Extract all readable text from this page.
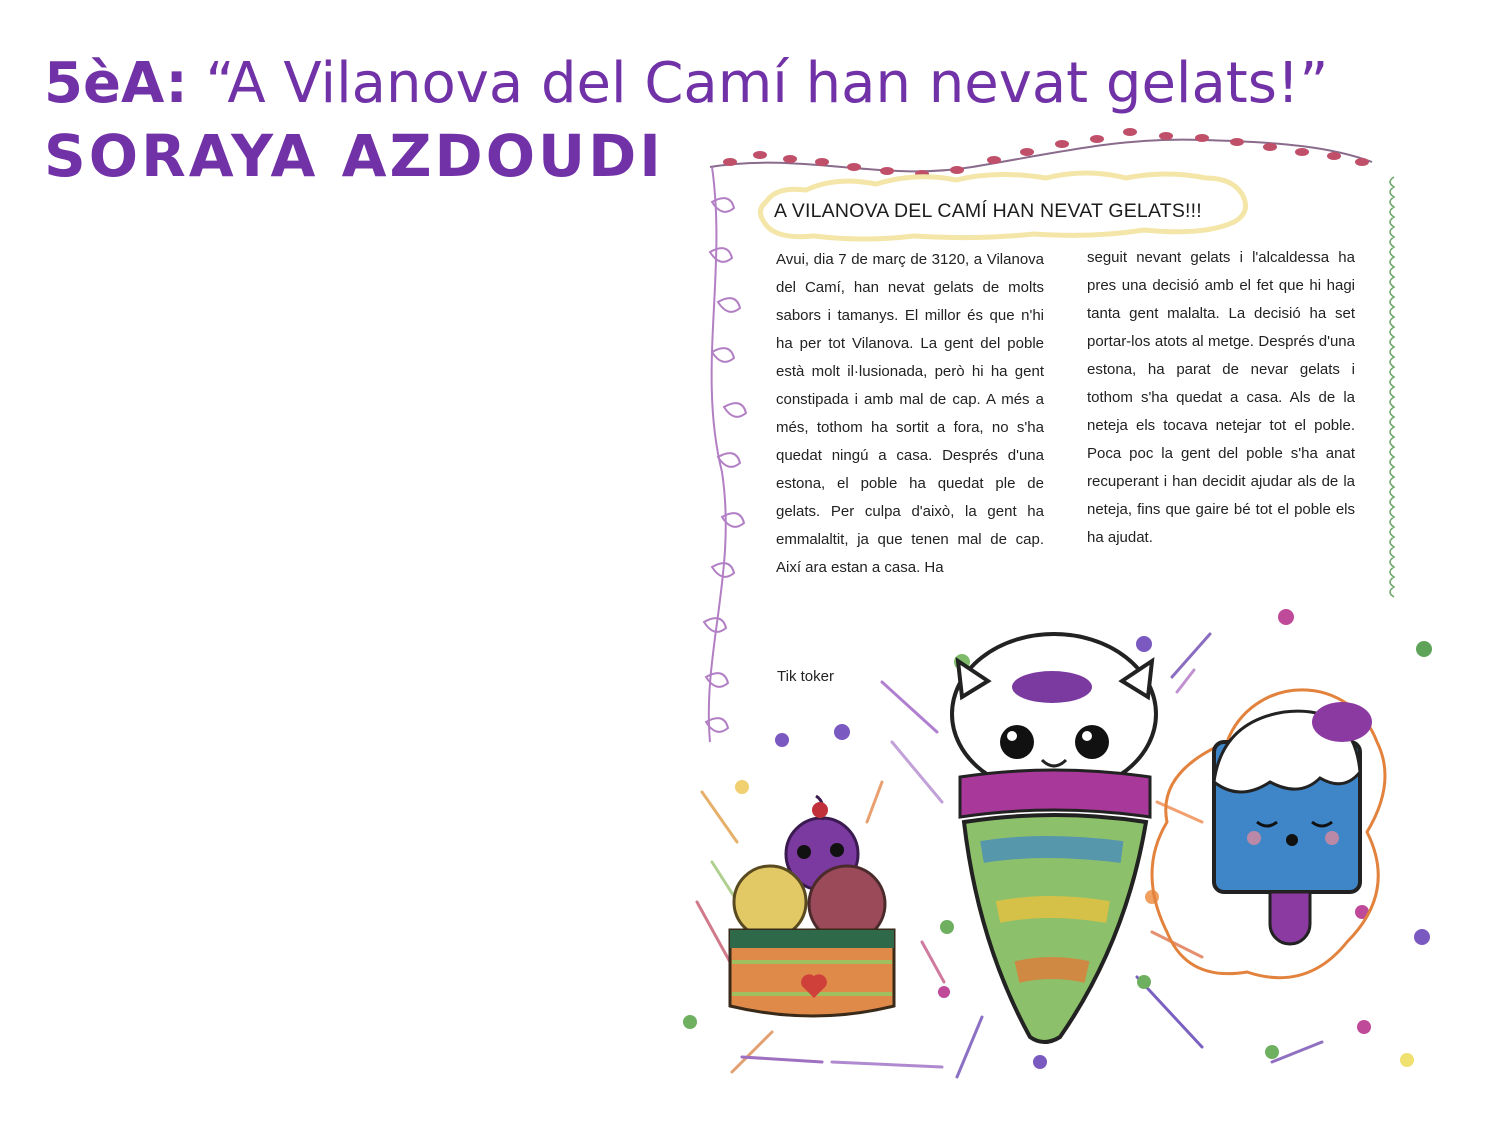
5èA: “A Vilanova del Camí han nevat gelats!”
SORAYA AZDOUDI
A VILANOVA DEL CAMÍ HAN NEVAT GELATS!!!
Avui, dia 7 de març de 3120, a Vilanova del Camí, han nevat gelats de molts sabors i tamanys. El millor és que n'hi ha per tot Vilanova. La gent del poble està molt il·lusionada, però hi ha gent constipada i amb mal de cap. A més a més, tothom ha sortit a fora, no s'ha quedat ningú a casa. Després d'una estona, el poble ha quedat ple de gelats. Per culpa d'això, la gent ha emmalaltit, ja que tenen mal de cap. Així ara estan a casa. Ha
seguit nevant gelats i l'alcaldessa ha pres una decisió amb el fet que hi hagi tanta gent malalta. La decisió ha set portar-los atots al metge. Després d'una estona, ha parat de nevar gelats i tothom s'ha quedat a casa. Als de la neteja els tocava netejar tot el poble. Poca poc la gent del poble s'ha anat recuperant i han decidit ajudar als de la neteja, fins que gaire bé tot el poble els ha ajudat.
Tik toker
